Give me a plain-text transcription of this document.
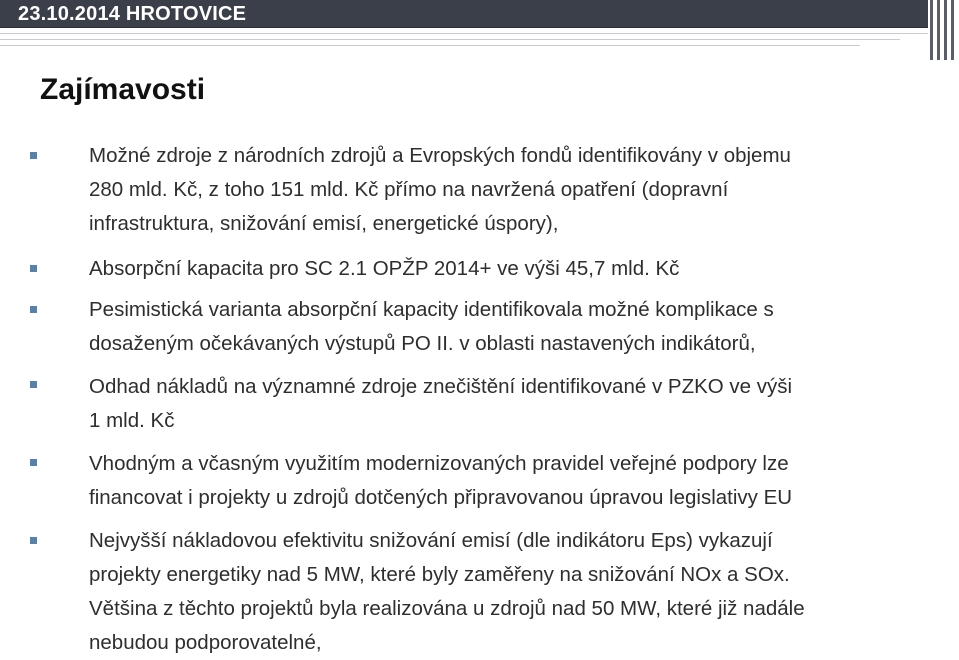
23.10.2014 HROTOVICE
Zajímavosti
Možné zdroje z národních zdrojů a Evropských fondů identifikovány v objemu
280 mld. Kč, z toho 151 mld. Kč přímo na navržená opatření (dopravní
infrastruktura, snižování emisí, energetické úspory),
Absorpční kapacita pro SC 2.1 OPŽP 2014+ ve výši 45,7 mld. Kč
Pesimistická varianta absorpční kapacity identifikovala možné komplikace s
dosaženým očekávaných výstupů PO II. v oblasti nastavených indikátorů,
Odhad nákladů na významné zdroje znečištění identifikované v PZKO ve výši
1 mld. Kč
Vhodným a včasným využitím modernizovaných pravidel veřejné podpory lze
financovat i projekty u zdrojů dotčených připravovanou úpravou legislativy EU
Nejvyšší nákladovou efektivitu snižování emisí (dle indikátoru Eps) vykazují
projekty energetiky nad 5 MW, které byly zaměřeny na snižování NOx a SOx.
Většina z těchto projektů byla realizována u zdrojů nad 50 MW, které již nadále
nebudou podporovatelné,
